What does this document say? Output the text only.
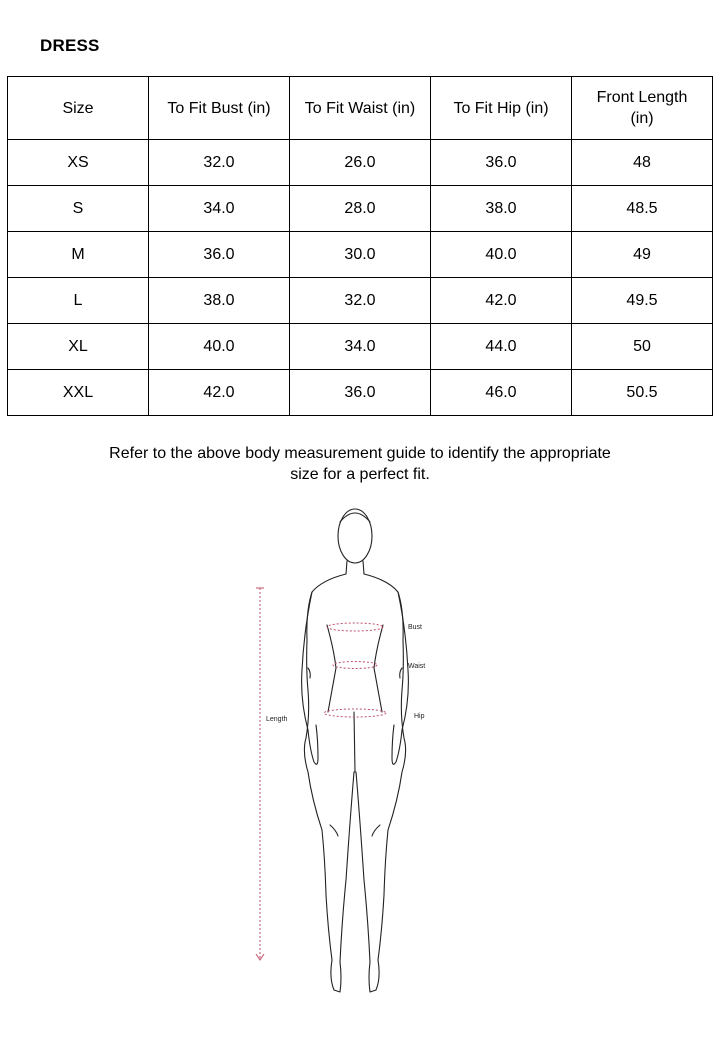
DRESS
Size	To Fit Bust (in)	To Fit Waist (in)	To Fit Hip (in)	Front Length (in)
XS	32.0	26.0	36.0	48
S	34.0	28.0	38.0	48.5
M	36.0	30.0	40.0	49
L	38.0	32.0	42.0	49.5
XL	40.0	34.0	44.0	50
XXL	42.0	36.0	46.0	50.5
Refer to the above body measurement guide to identify the appropriate
size for a perfect fit.
Bust
Waist
Hip
Length
